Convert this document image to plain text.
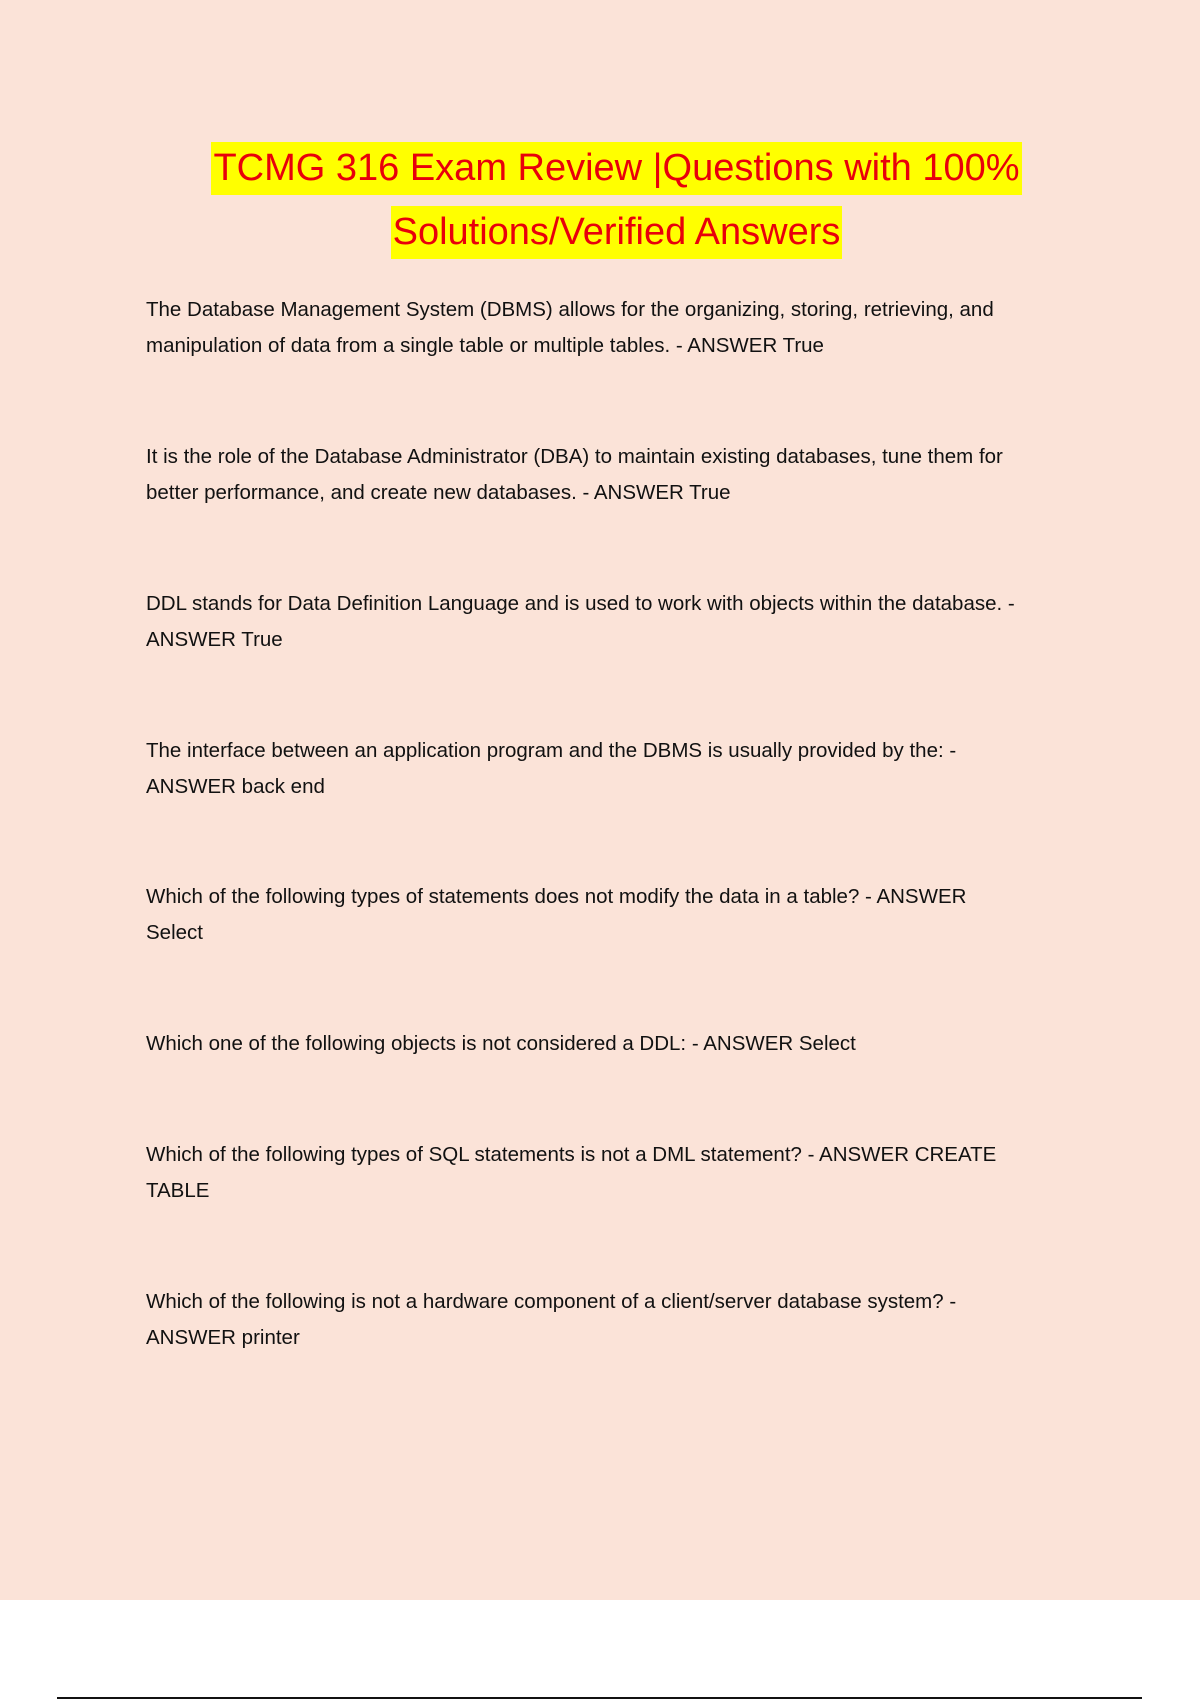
TCMG 316 Exam Review |Questions with 100%
Solutions/Verified Answers
The Database Management System (DBMS) allows for the organizing, storing, retrieving, and
manipulation of data from a single table or multiple tables. - ANSWER True
It is the role of the Database Administrator (DBA) to maintain existing databases, tune them for
better performance, and create new databases. - ANSWER True
DDL stands for Data Definition Language and is used to work with objects within the database. -
ANSWER True
The interface between an application program and the DBMS is usually provided by the: -
ANSWER back end
Which of the following types of statements does not modify the data in a table? - ANSWER
Select
Which one of the following objects is not considered a DDL: - ANSWER Select
Which of the following types of SQL statements is not a DML statement? - ANSWER CREATE
TABLE
Which of the following is not a hardware component of a client/server database system? -
ANSWER printer
